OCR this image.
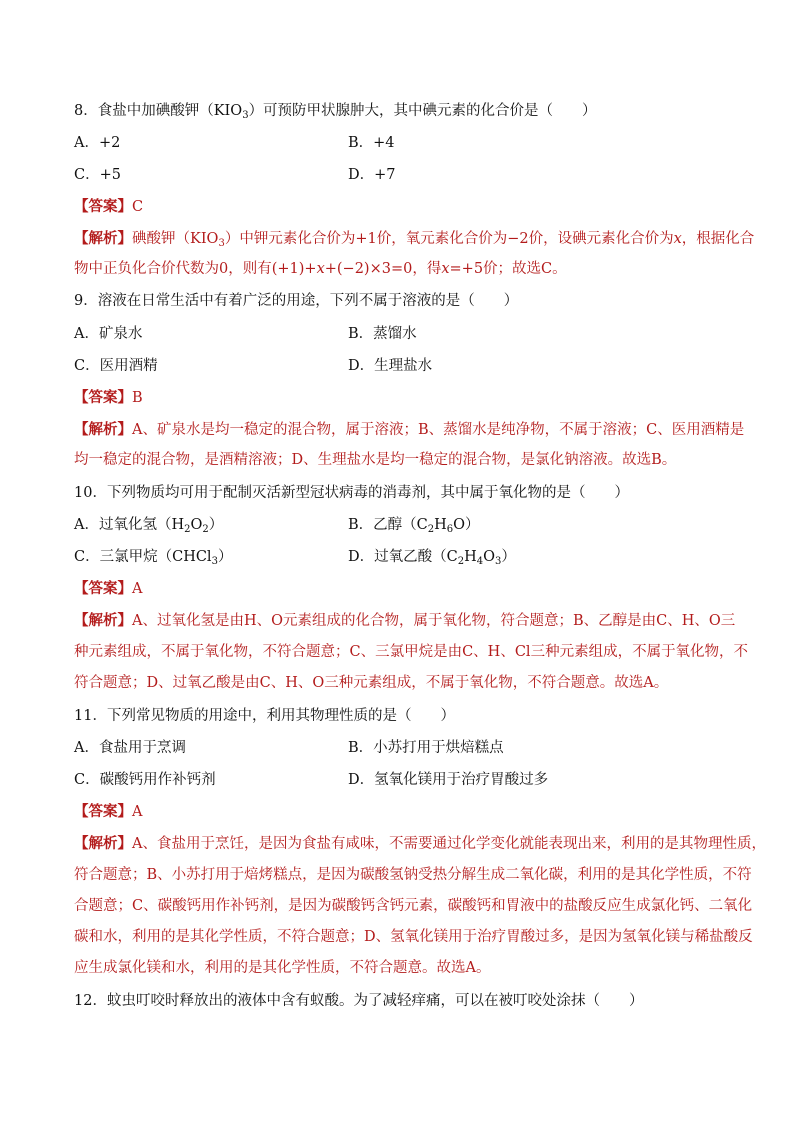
8．食盐中加碘酸钾$(KIO_3)$可预防甲状腺肿大，其中碘元素的化合价是（　　）
A．+2	B．+4
C．+5	D．+7
【答案】C
【解析】碘酸钾$(KIO_3)$中钾元素化合价为+1价，氧元素化合价为−2价，设碘元素化合价为x，根据化合
物中正负化合价代数为0，则有(+1)+x+(−2)×3=0，得x=+5价；故选C。
9．溶液在日常生活中有着广泛的用途，下列不属于溶液的是（　　）
A．矿泉水	B．蒸馏水
C．医用酒精	D．生理盐水
【答案】B
【解析】A、矿泉水是均一稳定的混合物，属于溶液；B、蒸馏水是纯净物，不属于溶液；C、医用酒精是
均一稳定的混合物，是酒精溶液；D、生理盐水是均一稳定的混合物，是氯化钠溶液。故选B。
10．下列物质均可用于配制灭活新型冠状病毒的消毒剂，其中属于氧化物的是（　　）
A．过氧化氢$(H_2O_2)$	B．乙醇$(C_2H_6O)$
C．三氯甲烷（CHCl$_3$）	D．过氧乙酸$(C_2H_4O_3)$
【答案】A
【解析】A、过氧化氢是由H、O元素组成的化合物，属于氧化物，符合题意；B、乙醇是由C、H、O三
种元素组成，不属于氧化物，不符合题意；C、三氯甲烷是由C、H、Cl三种元素组成，不属于氧化物，不
符合题意；D、过氧乙酸是由C、H、O三种元素组成，不属于氧化物，不符合题意。故选A。
11．下列常见物质的用途中，利用其物理性质的是（　　）
A．食盐用于烹调	B．小苏打用于烘焙糕点
C．碳酸钙用作补钙剂	D．氢氧化镁用于治疗胃酸过多
【答案】A
【解析】A、食盐用于烹饪，是因为食盐有咸味，不需要通过化学变化就能表现出来，利用的是其物理性质，
符合题意；B、小苏打用于焙烤糕点，是因为碳酸氢钠受热分解生成二氧化碳，利用的是其化学性质，不符
合题意；C、碳酸钙用作补钙剂，是因为碳酸钙含钙元素，碳酸钙和胃液中的盐酸反应生成氯化钙、二氧化
碳和水，利用的是其化学性质，不符合题意；D、氢氧化镁用于治疗胃酸过多，是因为氢氧化镁与稀盐酸反
应生成氯化镁和水，利用的是其化学性质，不符合题意。故选A。
12．蚊虫叮咬时释放出的液体中含有蚁酸。为了减轻痒痛，可以在被叮咬处涂抹（　　）
